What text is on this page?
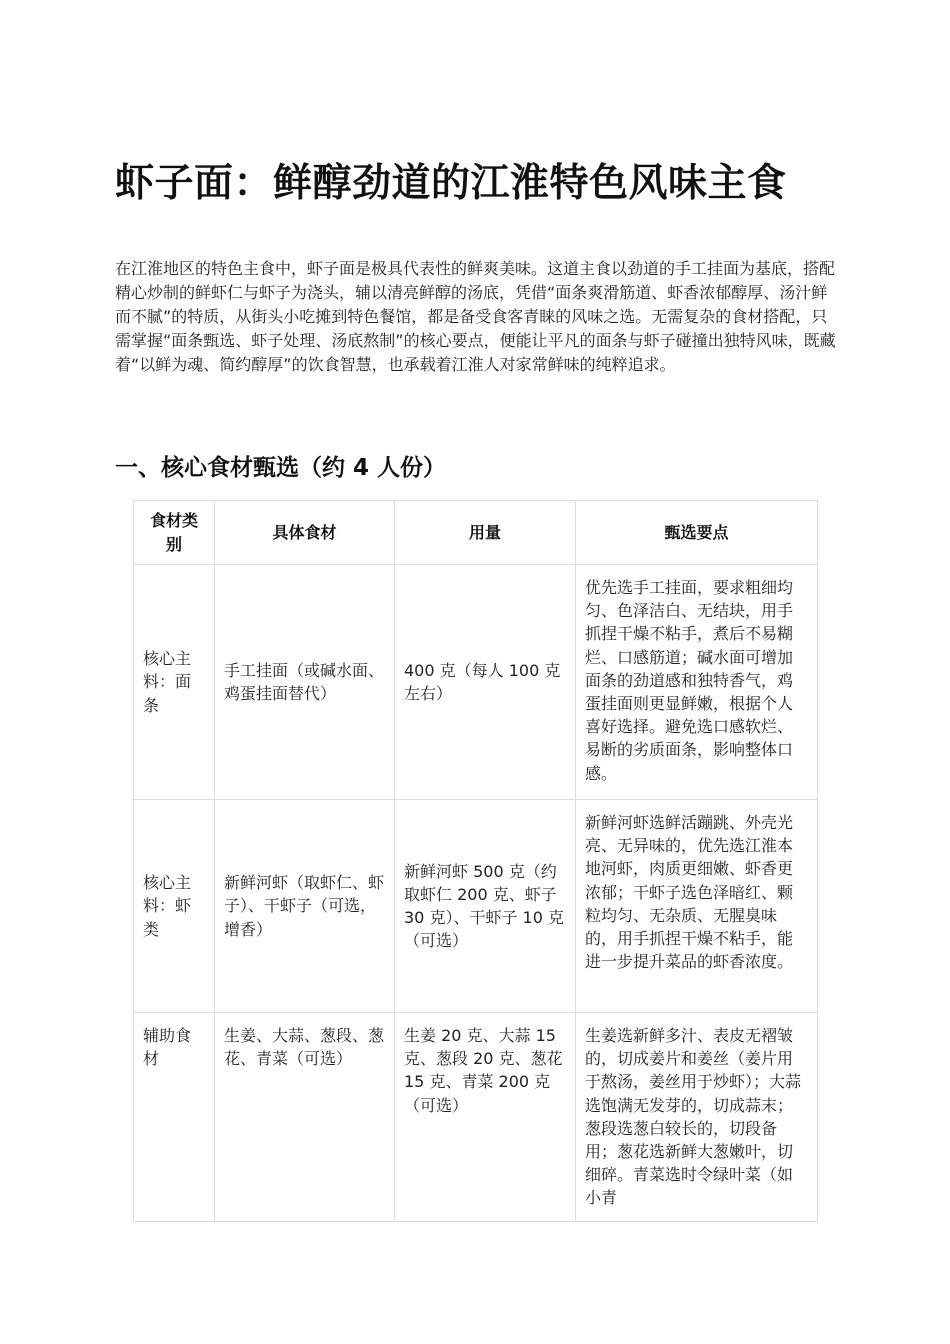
虾子面：鲜醇劲道的江淮特色风味主食

在江淮地区的特色主食中，虾子面是极具代表性的鲜爽美味。这道主食以劲道的手工挂面为基底，搭配精心炒制的鲜虾仁与虾子为浇头，辅以清亮鲜醇的汤底，凭借“面条爽滑筋道、虾香浓郁醇厚、汤汁鲜而不腻”的特质，从街头小吃摊到特色餐馆，都是备受食客青睐的风味之选。无需复杂的食材搭配，只需掌握“面条甄选、虾子处理、汤底熬制”的核心要点，便能让平凡的面条与虾子碰撞出独特风味，既藏着“以鲜为魂、简约醇厚”的饮食智慧，也承载着江淮人对家常鲜味的纯粹追求。

一、核心食材甄选（约 4 人份）
食材类别	具体食材	用量	甄选要点
核心主料：面条	手工挂面（或碱水面、鸡蛋挂面替代）	400 克（每人 100 克左右）	优先选手工挂面，要求粗细均匀、色泽洁白、无结块，用手抓捏干燥不粘手，煮后不易糊烂、口感筋道；碱水面可增加面条的劲道感和独特香气，鸡蛋挂面则更显鲜嫩，根据个人喜好选择。避免选口感软烂、易断的劣质面条，影响整体口感。
核心主料：虾类	新鲜河虾（取虾仁、虾子）、干虾子（可选，增香）	新鲜河虾 500 克（约取虾仁 200 克、虾子 30 克）、干虾子 10 克（可选）	新鲜河虾选鲜活蹦跳、外壳光亮、无异味的，优先选江淮本地河虾，肉质更细嫩、虾香更浓郁；干虾子选色泽暗红、颗粒均匀、无杂质、无腥臭味的，用手抓捏干燥不粘手，能进一步提升菜品的虾香浓度。
辅助食材	生姜、大蒜、葱段、葱花、青菜（可选）	生姜 20 克、大蒜 15 克、葱段 20 克、葱花 15 克、青菜 200 克（可选）	生姜选新鲜多汁、表皮无褶皱的，切成姜片和姜丝（姜片用于熬汤，姜丝用于炒虾）；大蒜选饱满无发芽的，切成蒜末；葱段选葱白较长的，切段备用；葱花选新鲜大葱嫩叶，切细碎。青菜选时令绿叶菜（如小青
